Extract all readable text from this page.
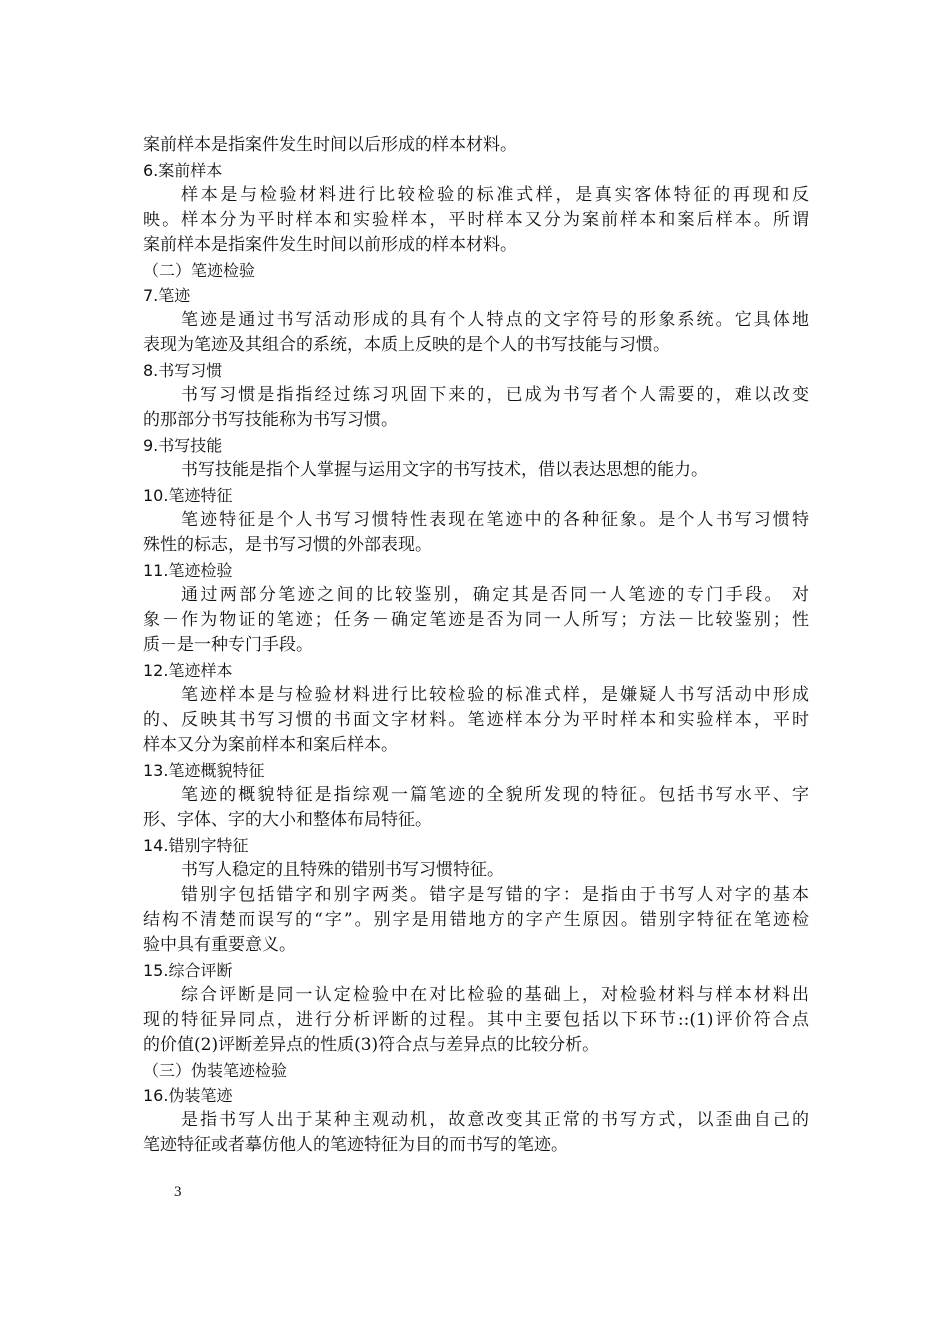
案前样本是指案件发生时间以后形成的样本材料。
6.案前样本
样本是与检验材料进行比较检验的标准式样，是真实客体特征的再现和反
映。样本分为平时样本和实验样本，平时样本又分为案前样本和案后样本。所谓
案前样本是指案件发生时间以前形成的样本材料。
（二）笔迹检验
7.笔迹
笔迹是通过书写活动形成的具有个人特点的文字符号的形象系统。它具体地
表现为笔迹及其组合的系统，本质上反映的是个人的书写技能与习惯。
8.书写习惯
书写习惯是指指经过练习巩固下来的，已成为书写者个人需要的，难以改变
的那部分书写技能称为书写习惯。
9.书写技能
书写技能是指个人掌握与运用文字的书写技术，借以表达思想的能力。
10.笔迹特征
笔迹特征是个人书写习惯特性表现在笔迹中的各种征象。是个人书写习惯特
殊性的标志，是书写习惯的外部表现。
11.笔迹检验
通过两部分笔迹之间的比较鉴别，确定其是否同一人笔迹的专门手段。 对
象－作为物证的笔迹；任务－确定笔迹是否为同一人所写；方法－比较鉴别；性
质－是一种专门手段。
12.笔迹样本
笔迹样本是与检验材料进行比较检验的标准式样，是嫌疑人书写活动中形成
的、反映其书写习惯的书面文字材料。笔迹样本分为平时样本和实验样本，平时
样本又分为案前样本和案后样本。
13.笔迹概貌特征
笔迹的概貌特征是指综观一篇笔迹的全貌所发现的特征。包括书写水平、字
形、字体、字的大小和整体布局特征。
14.错别字特征
书写人稳定的且特殊的错别书写习惯特征。
错别字包括错字和别字两类。错字是写错的字：是指由于书写人对字的基本
结构不清楚而误写的“字”。别字是用错地方的字产生原因。错别字特征在笔迹检
验中具有重要意义。
15.综合评断
综合评断是同一认定检验中在对比检验的基础上，对检验材料与样本材料出
现的特征异同点，进行分析评断的过程。其中主要包括以下环节::(1)评价符合点
的价值(2)评断差异点的性质(3)符合点与差异点的比较分析。
（三）伪装笔迹检验
16.伪装笔迹
是指书写人出于某种主观动机，故意改变其正常的书写方式，以歪曲自己的
笔迹特征或者摹仿他人的笔迹特征为目的而书写的笔迹。
3
